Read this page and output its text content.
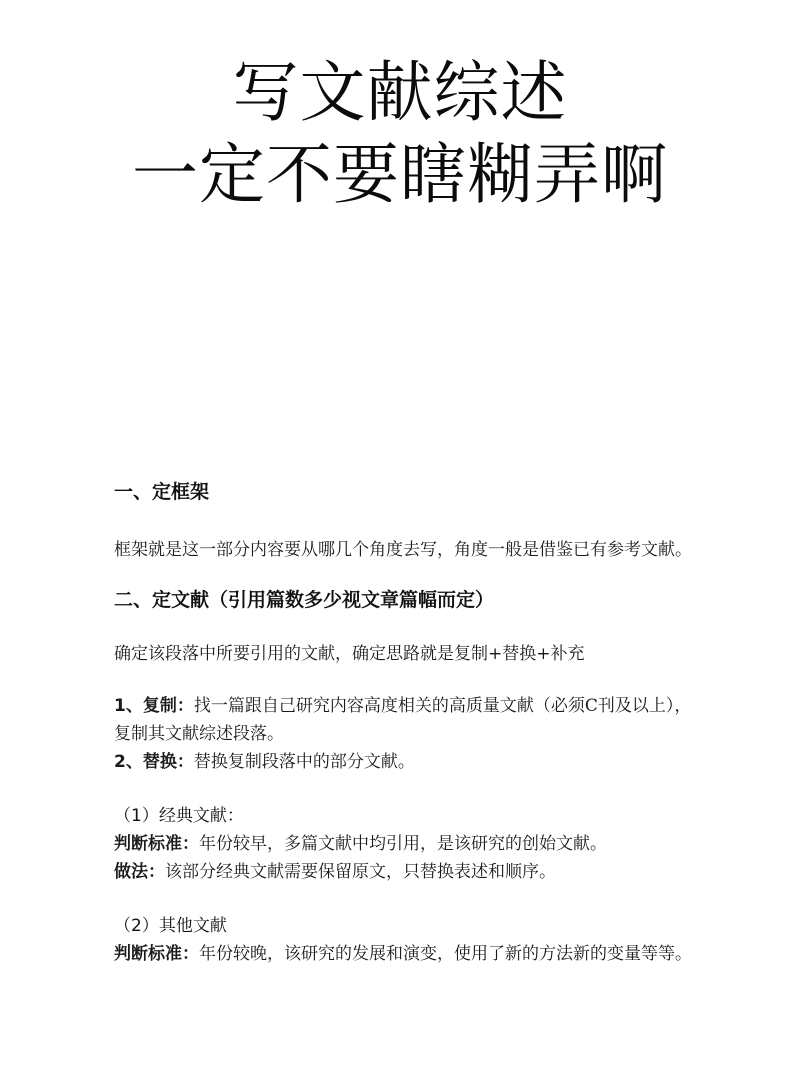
写文献综述
一定不要瞎糊弄啊

一、定框架

框架就是这一部分内容要从哪几个角度去写，角度一般是借鉴已有参考文献。

二、定文献（引用篇数多少视文章篇幅而定）

确定该段落中所要引用的文献，确定思路就是复制+替换+补充

1、复制：找一篇跟自己研究内容高度相关的高质量文献（必须C刊及以上），复制其文献综述段落。

2、替换：替换复制段落中的部分文献。

（1）经典文献：

判断标准：年份较早，多篇文献中均引用，是该研究的创始文献。

做法：该部分经典文献需要保留原文，只替换表述和顺序。

（2）其他文献

判断标准：年份较晚，该研究的发展和演变，使用了新的方法新的变量等等。
